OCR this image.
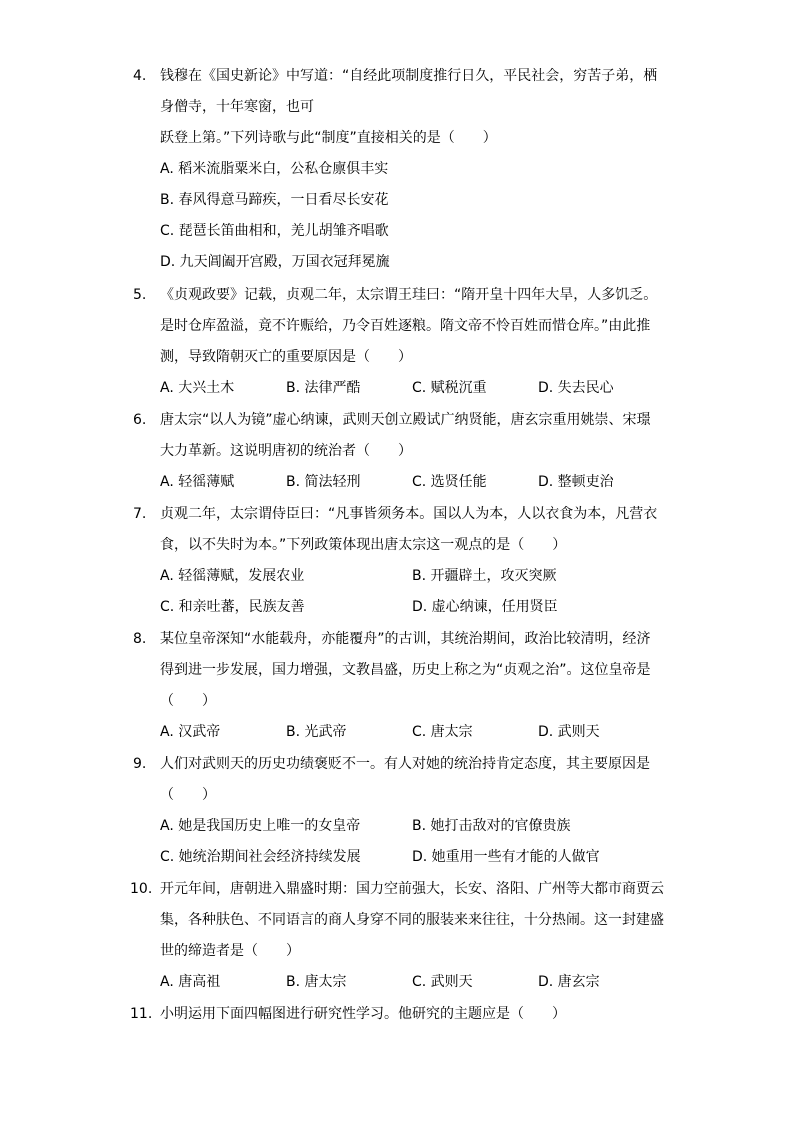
4. 钱穆在《国史新论》中写道：“自经此项制度推行日久，平民社会，穷苦子弟，栖
身僧寺，十年寒窗，也可
跃登上第。”下列诗歌与此“制度”直接相关的是（　　）
A. 稻米流脂粟米白，公私仓廪俱丰实
B. 春风得意马蹄疾，一日看尽长安花
C. 琵琶长笛曲相和，羌儿胡雏齐唱歌
D. 九天阊阖开宫殿，万国衣冠拜冕旒
5. 《贞观政要》记载，贞观二年，太宗谓王珪曰：“隋开皇十四年大旱，人多饥乏。
是时仓库盈溢，竟不许赈给，乃令百姓逐粮。隋文帝不怜百姓而惜仓库。”由此推
测，导致隋朝灭亡的重要原因是（　　）
A. 大兴土木	B. 法律严酷	C. 赋税沉重	D. 失去民心
6. 唐太宗“以人为镜”虚心纳谏，武则天创立殿试广纳贤能，唐玄宗重用姚崇、宋璟
大力革新。这说明唐初的统治者（　　）
A. 轻徭薄赋	B. 简法轻刑	C. 选贤任能	D. 整顿吏治
7. 贞观二年，太宗谓侍臣曰：“凡事皆须务本。国以人为本，人以衣食为本，凡营衣
食，以不失时为本。”下列政策体现出唐太宗这一观点的是（　　）
A. 轻徭薄赋，发展农业	B. 开疆辟土，攻灭突厥
C. 和亲吐蕃，民族友善	D. 虚心纳谏，任用贤臣
8. 某位皇帝深知“水能载舟，亦能覆舟”的古训，其统治期间，政治比较清明，经济
得到进一步发展，国力增强，文教昌盛，历史上称之为“贞观之治”。这位皇帝是
（　　）
A. 汉武帝	B. 光武帝	C. 唐太宗	D. 武则天
9. 人们对武则天的历史功绩褒贬不一。有人对她的统治持肯定态度，其主要原因是
（　　）
A. 她是我国历史上唯一的女皇帝	B. 她打击敌对的官僚贵族
C. 她统治期间社会经济持续发展	D. 她重用一些有才能的人做官
10. 开元年间，唐朝进入鼎盛时期：国力空前强大，长安、洛阳、广州等大都市商贾云
集，各种肤色、不同语言的商人身穿不同的服装来来往往，十分热闹。这一封建盛
世的缔造者是（　　）
A. 唐高祖	B. 唐太宗	C. 武则天	D. 唐玄宗
11. 小明运用下面四幅图进行研究性学习。他研究的主题应是（　　）
